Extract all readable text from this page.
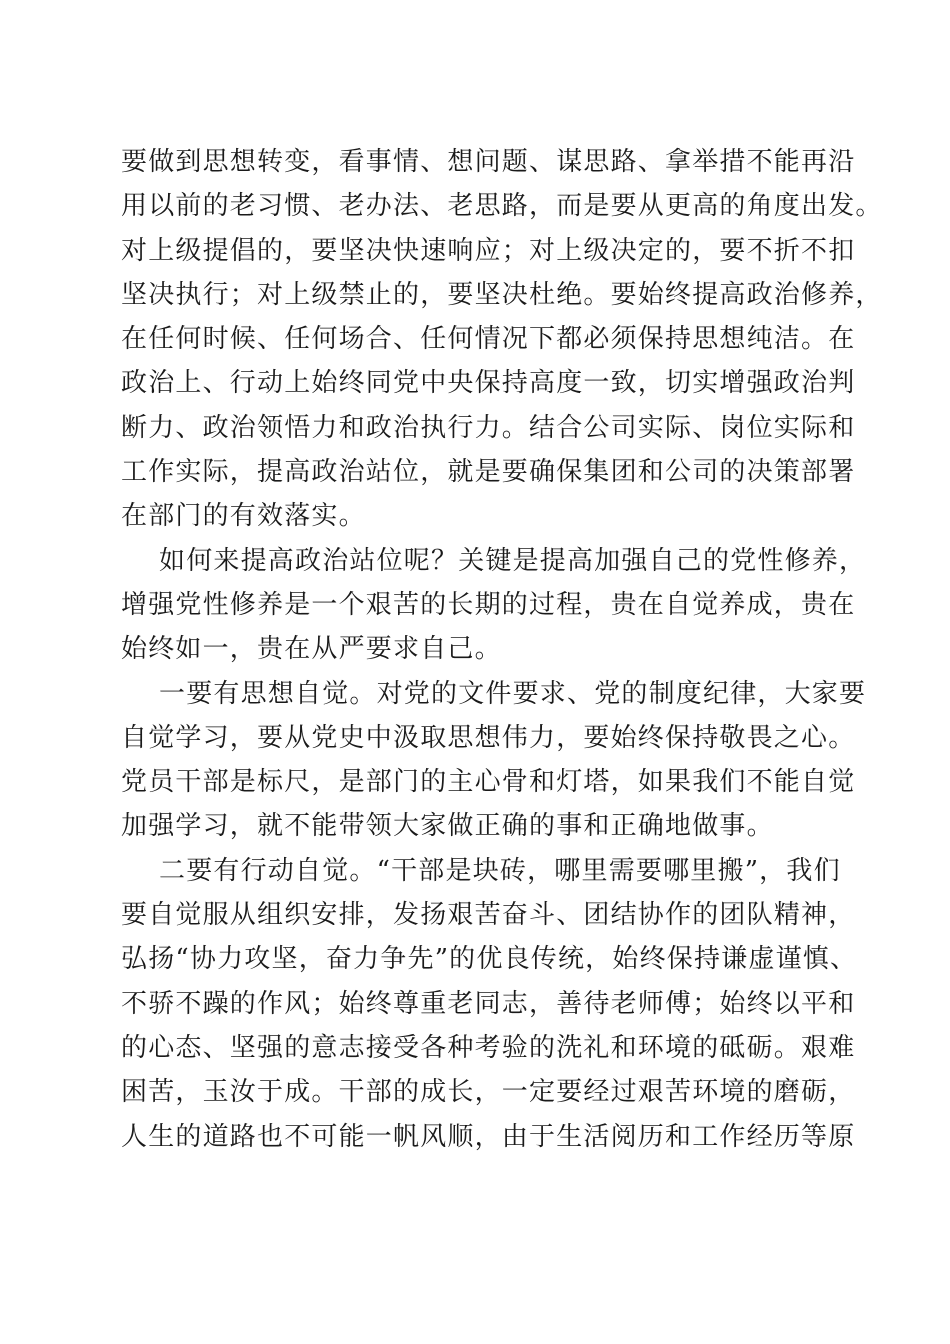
要做到思想转变，看事情、想问题、谋思路、拿举措不能再沿
用以前的老习惯、老办法、老思路，而是要从更高的角度出发。
对上级提倡的，要坚决快速响应；对上级决定的，要不折不扣
坚决执行；对上级禁止的，要坚决杜绝。要始终提高政治修养，
在任何时候、任何场合、任何情况下都必须保持思想纯洁。在
政治上、行动上始终同党中央保持高度一致，切实增强政治判
断力、政治领悟力和政治执行力。结合公司实际、岗位实际和
工作实际，提高政治站位，就是要确保集团和公司的决策部署
在部门的有效落实。
如何来提高政治站位呢？关键是提高加强自己的党性修养，
增强党性修养是一个艰苦的长期的过程，贵在自觉养成，贵在
始终如一，贵在从严要求自己。
一要有思想自觉。对党的文件要求、党的制度纪律，大家要
自觉学习，要从党史中汲取思想伟力，要始终保持敬畏之心。
党员干部是标尺，是部门的主心骨和灯塔，如果我们不能自觉
加强学习，就不能带领大家做正确的事和正确地做事。
二要有行动自觉。“干部是块砖，哪里需要哪里搬”，我们
要自觉服从组织安排，发扬艰苦奋斗、团结协作的团队精神，
弘扬“协力攻坚，奋力争先”的优良传统，始终保持谦虚谨慎、
不骄不躁的作风；始终尊重老同志，善待老师傅；始终以平和
的心态、坚强的意志接受各种考验的洗礼和环境的砥砺。艰难
困苦，玉汝于成。干部的成长，一定要经过艰苦环境的磨砺，
人生的道路也不可能一帆风顺，由于生活阅历和工作经历等原
